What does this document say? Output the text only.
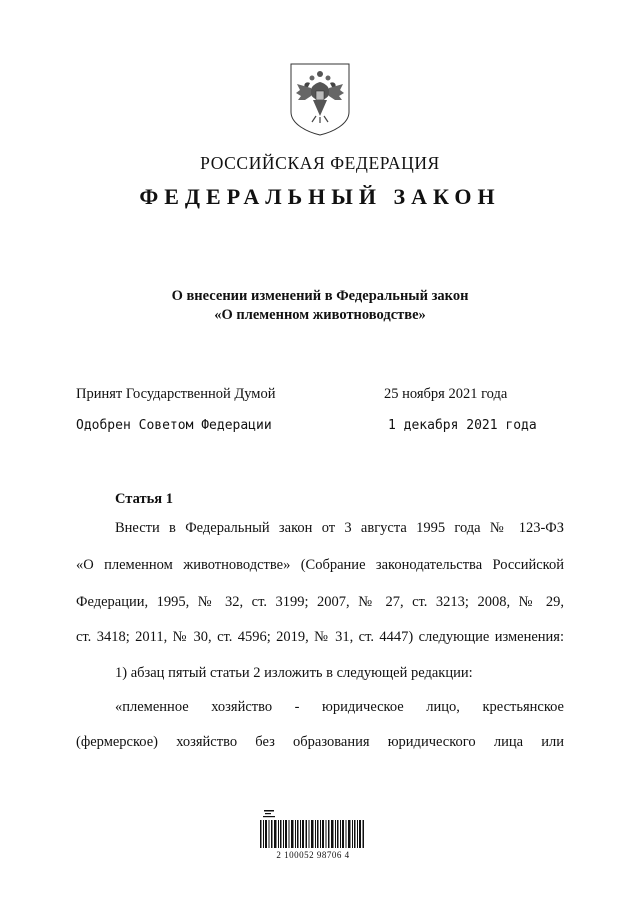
РОССИЙСКАЯ ФЕДЕРАЦИЯ
ФЕДЕРАЛЬНЫЙ ЗАКОН
О внесении изменений в Федеральный закон
«О племенном животноводстве»
Принят Государственной Думой	25 ноября 2021 года
Одобрен Советом Федерации	1 декабря 2021 года
Статья 1
Внести в Федеральный закон от 3 августа 1995 года № 123-ФЗ
«О племенном животноводстве» (Собрание законодательства Российской
Федерации, 1995, № 32, ст. 3199; 2007, № 27, ст. 3213; 2008, № 29,
ст. 3418; 2011, № 30, ст. 4596; 2019, № 31, ст. 4447) следующие изменения:
1) абзац пятый статьи 2 изложить в следующей редакции:
«племенное хозяйство - юридическое лицо, крестьянское
(фермерское) хозяйство без образования юридического лица или
2 100052 98706 4
